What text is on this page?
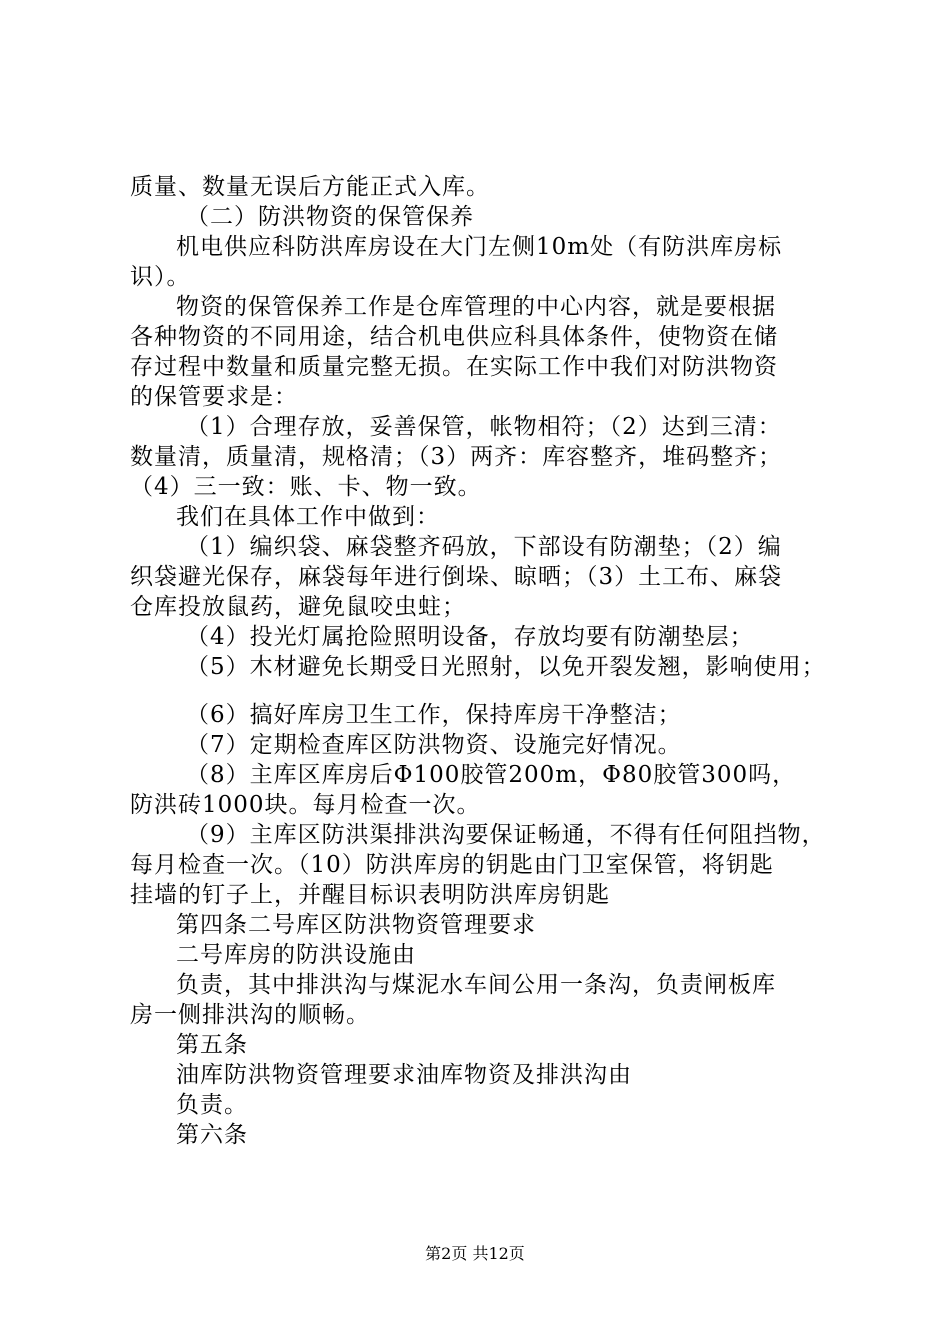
质量、数量无误后方能正式入库。
（二）防洪物资的保管保养
机电供应科防洪库房设在大门左侧10m处（有防洪库房标
识）。
物资的保管保养工作是仓库管理的中心内容，就是要根据
各种物资的不同用途，结合机电供应科具体条件，使物资在储
存过程中数量和质量完整无损。在实际工作中我们对防洪物资
的保管要求是：
（1）合理存放，妥善保管，帐物相符；（2）达到三清：
数量清，质量清，规格清；（3）两齐：库容整齐，堆码整齐；
（4）三一致：账、卡、物一致。
我们在具体工作中做到：
（1）编织袋、麻袋整齐码放，下部设有防潮垫；（2）编
织袋避光保存，麻袋每年进行倒垛、晾晒；（3）土工布、麻袋
仓库投放鼠药，避免鼠咬虫蛀；
（4）投光灯属抢险照明设备，存放均要有防潮垫层；
（5）木材避免长期受日光照射，以免开裂发翘，影响使用；
（6）搞好库房卫生工作，保持库房干净整洁；
（7）定期检查库区防洪物资、设施完好情况。
（8）主库区库房后Φ100胶管200m，Φ80胶管300吗，
防洪砖1000块。每月检查一次。
（9）主库区防洪渠排洪沟要保证畅通，不得有任何阻挡物，
每月检查一次。（10）防洪库房的钥匙由门卫室保管，将钥匙
挂墙的钉子上，并醒目标识表明防洪库房钥匙
第四条二号库区防洪物资管理要求
二号库房的防洪设施由
负责，其中排洪沟与煤泥水车间公用一条沟，负责闸板库
房一侧排洪沟的顺畅。
第五条
油库防洪物资管理要求油库物资及排洪沟由
负责。
第六条
第2页 共12页
